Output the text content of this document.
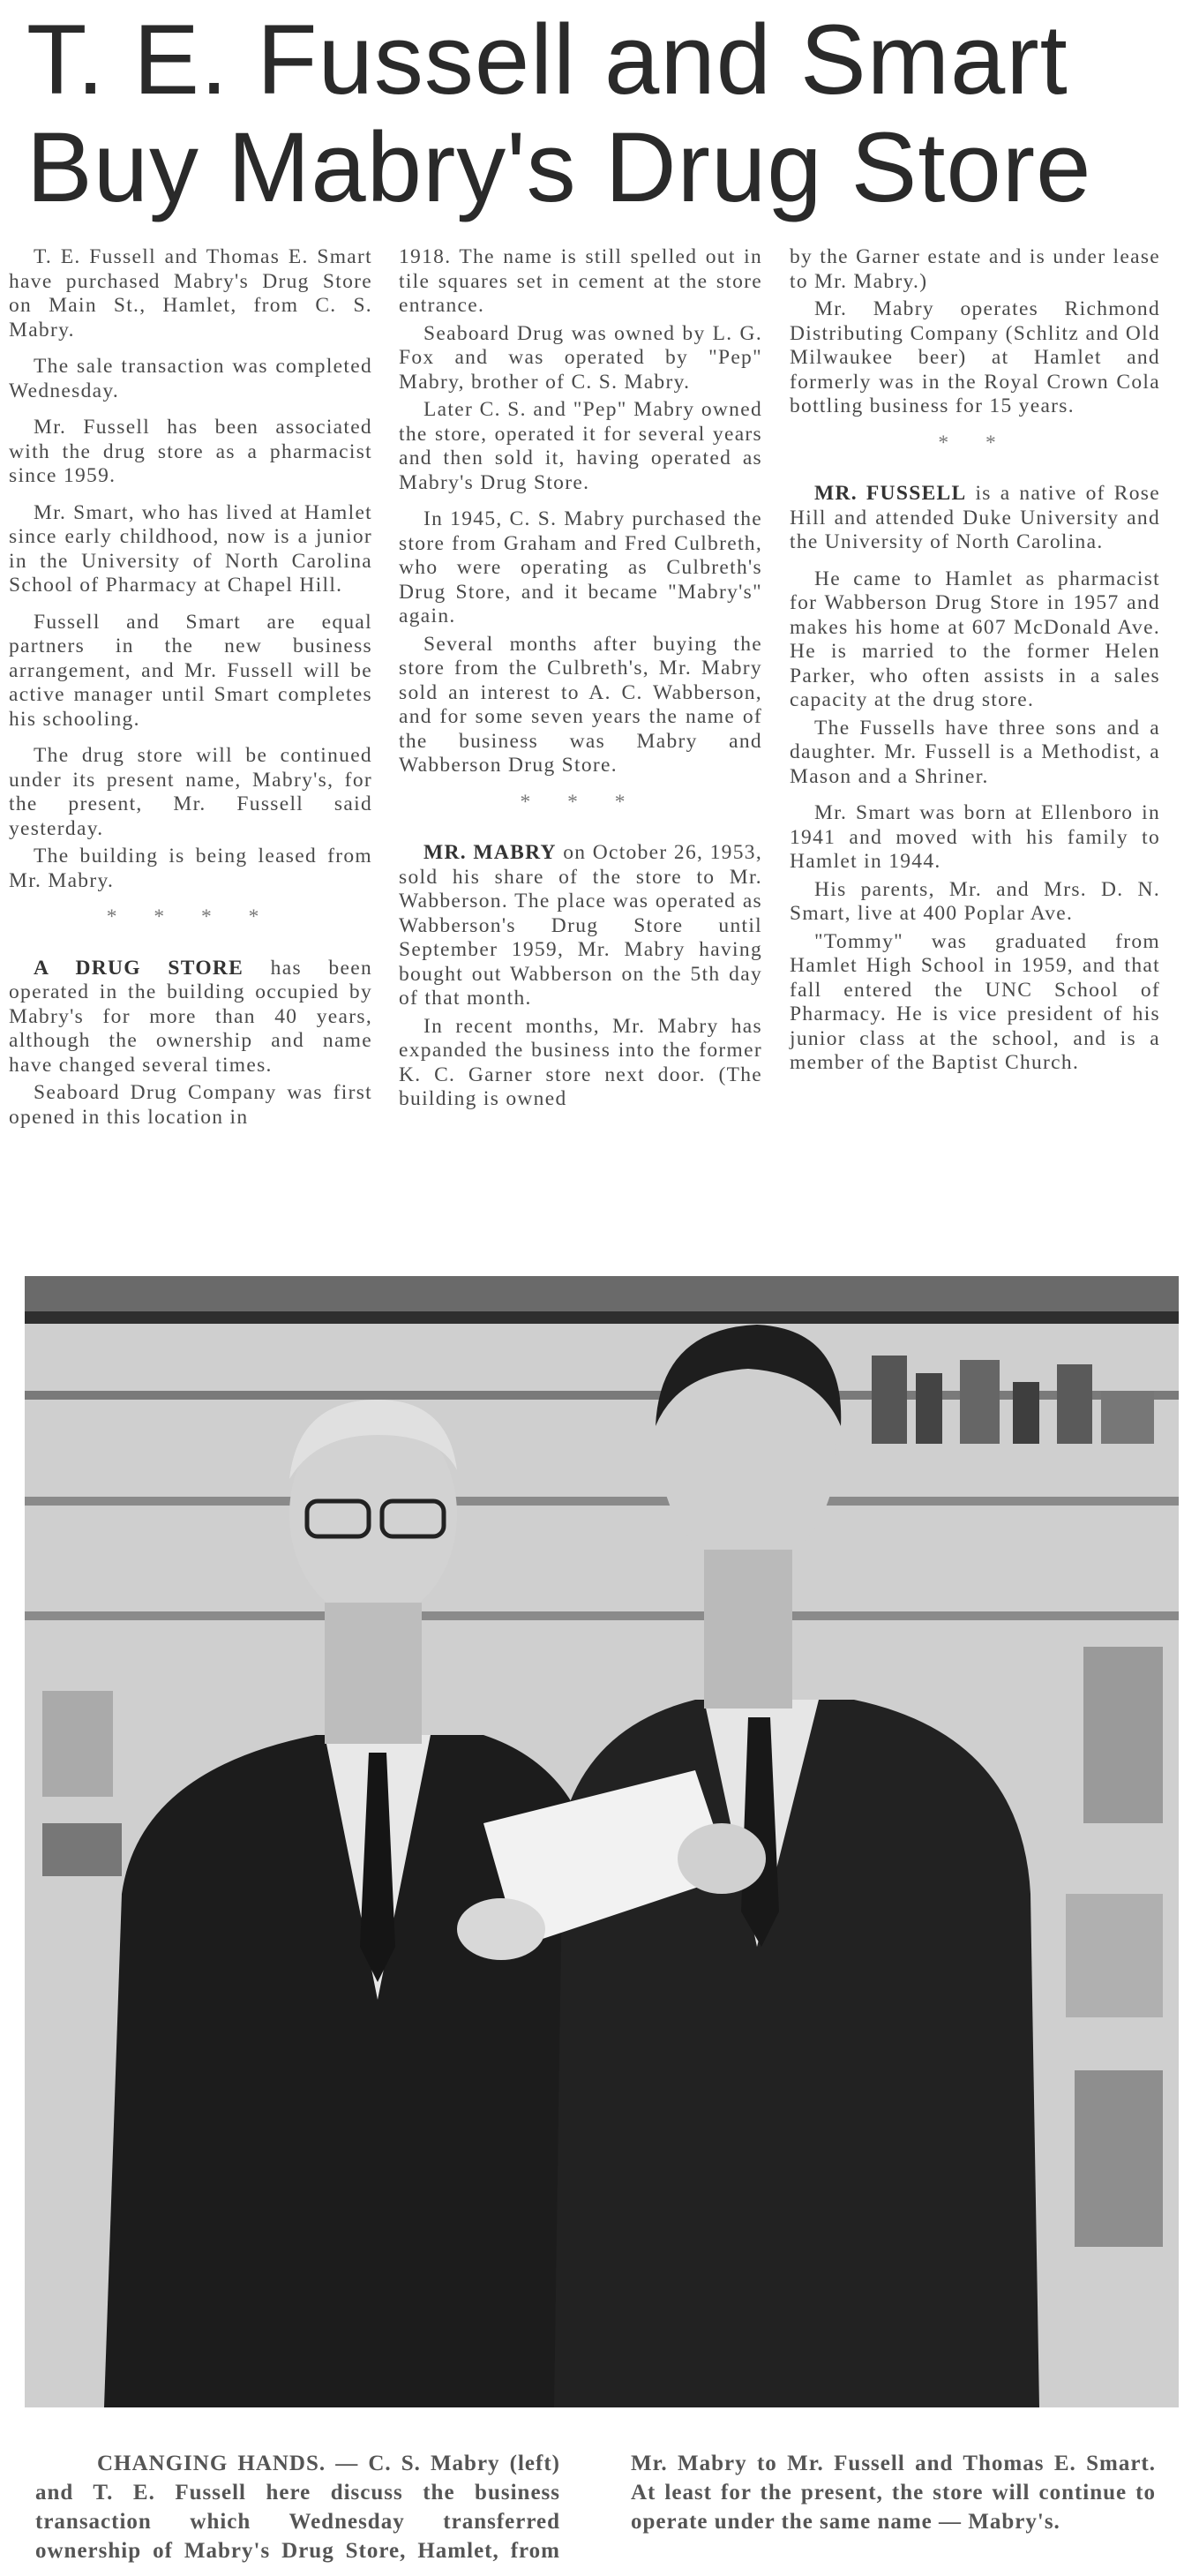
T. E. Fussell and Smart
Buy Mabry's Drug Store

T. E. Fussell and Thomas E. Smart have purchased Mabry's Drug Store on Main St., Hamlet, from C. S. Mabry.

The sale transaction was completed Wednesday.

Mr. Fussell has been associated with the drug store as a pharmacist since 1959.

Mr. Smart, who has lived at Hamlet since early childhood, now is a junior in the University of North Carolina School of Pharmacy at Chapel Hill.

Fussell and Smart are equal partners in the new business arrangement, and Mr. Fussell will be active manager until Smart completes his schooling.

The drug store will be continued under its present name, Mabry's, for the present, Mr. Fussell said yesterday.

The building is being leased from Mr. Mabry.

* * * *

A DRUG STORE has been operated in the building occupied by Mabry's for more than 40 years, although the ownership and name have changed several times.

Seaboard Drug Company was first opened in this location in

1918. The name is still spelled out in tile squares set in cement at the store entrance.

Seaboard Drug was owned by L. G. Fox and was operated by "Pep" Mabry, brother of C. S. Mabry.

Later C. S. and "Pep" Mabry owned the store, operated it for several years and then sold it, having operated as Mabry's Drug Store.

In 1945, C. S. Mabry purchased the store from Graham and Fred Culbreth, who were operating as Culbreth's Drug Store, and it became "Mabry's" again.

Several months after buying the store from the Culbreth's, Mr. Mabry sold an interest to A. C. Wabberson, and for some seven years the name of the business was Mabry and Wabberson Drug Store.

* * *

MR. MABRY on October 26, 1953, sold his share of the store to Mr. Wabberson. The place was operated as Wabberson's Drug Store until September 1959, Mr. Mabry having bought out Wabberson on the 5th day of that month.

In recent months, Mr. Mabry has expanded the business into the former K. C. Garner store next door. (The building is owned

by the Garner estate and is under lease to Mr. Mabry.)

Mr. Mabry operates Richmond Distributing Company (Schlitz and Old Milwaukee beer) at Hamlet and formerly was in the Royal Crown Cola bottling business for 15 years.

* *

MR. FUSSELL is a native of Rose Hill and attended Duke University and the University of North Carolina.

He came to Hamlet as pharmacist for Wabberson Drug Store in 1957 and makes his home at 607 McDonald Ave. He is married to the former Helen Parker, who often assists in a sales capacity at the drug store.

The Fussells have three sons and a daughter. Mr. Fussell is a Methodist, a Mason and a Shriner.

Mr. Smart was born at Ellenboro in 1941 and moved with his family to Hamlet in 1944.

His parents, Mr. and Mrs. D. N. Smart, live at 400 Poplar Ave.

"Tommy" was graduated from Hamlet High School in 1959, and that fall entered the UNC School of Pharmacy. He is vice president of his junior class at the school, and is a member of the Baptist Church.

CHANGING HANDS. — C. S. Mabry (left) and T. E. Fussell here discuss the business transaction which Wednesday transferred ownership of Mabry's Drug Store, Hamlet, from Mr. Mabry to Mr. Fussell and Thomas E. Smart. At least for the present, the store will continue to operate under the same name — Mabry's.
